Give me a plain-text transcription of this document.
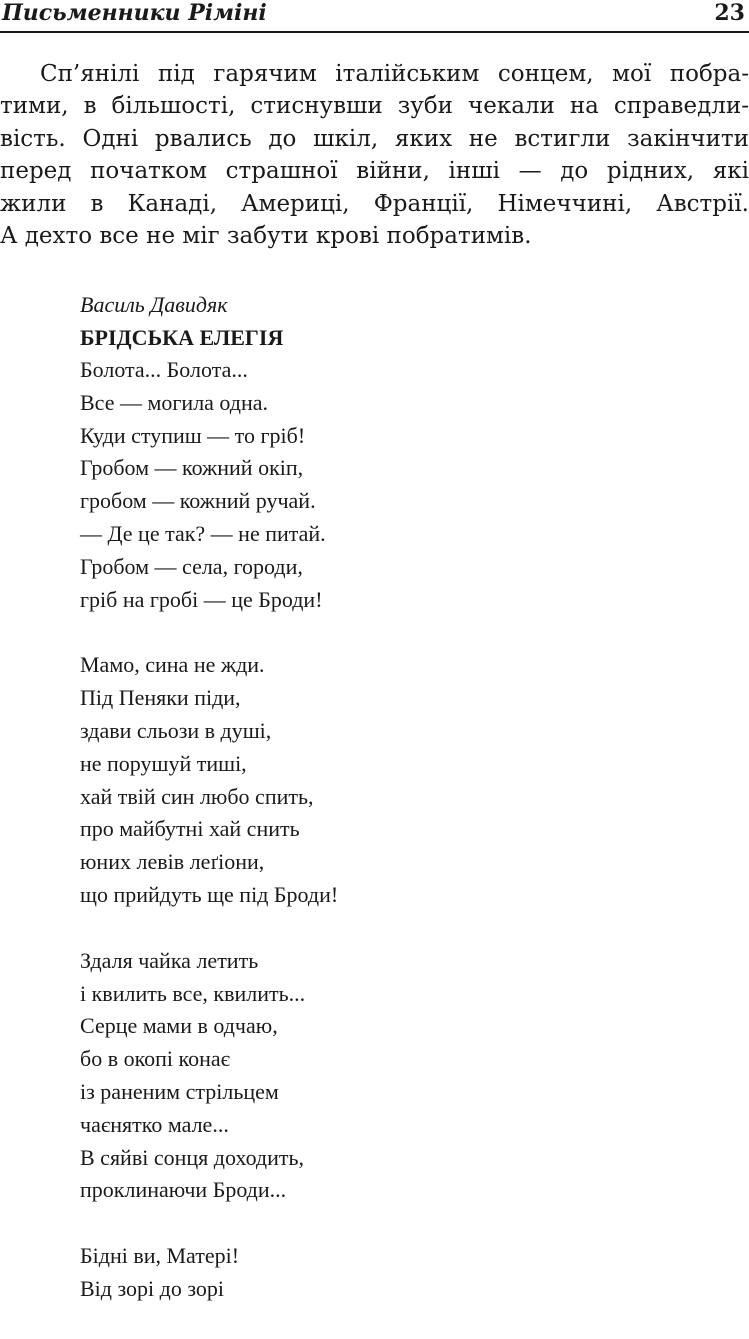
Письменники Ріміні	23
Сп’янілі під гарячим італійським сонцем, мої побра-
тими, в більшості, стиснувши зуби чекали на справедли-
вість. Одні рвались до шкіл, яких не встигли закінчити
перед початком страшної війни, інші — до рідних, які
жили в Канаді, Америці, Франції, Німеччині, Австрії.
А дехто все не міг забути крові побратимів.
Василь Давидяк
БРІДСЬКА ЕЛЕГІЯ
Болота... Болота...
Все — могила одна.
Куди ступиш — то гріб!
Гробом — кожний окіп,
гробом — кожний ручай.
— Де це так? — не питай.
Гробом — села, городи,
гріб на гробі — це Броди!
Мамо, сина не жди.
Під Пеняки піди,
здави сльози в душі,
не порушуй тиші,
хай твій син любо спить,
про майбутні хай снить
юних левів леґіони,
що прийдуть ще під Броди!
Здаля чайка летить
і квилить все, квилить...
Серце мами в одчаю,
бо в окопі конає
із раненим стрільцем
чаєнятко мале...
В сяйві сонця доходить,
проклинаючи Броди...
Бідні ви, Матері!
Від зорі до зорі
